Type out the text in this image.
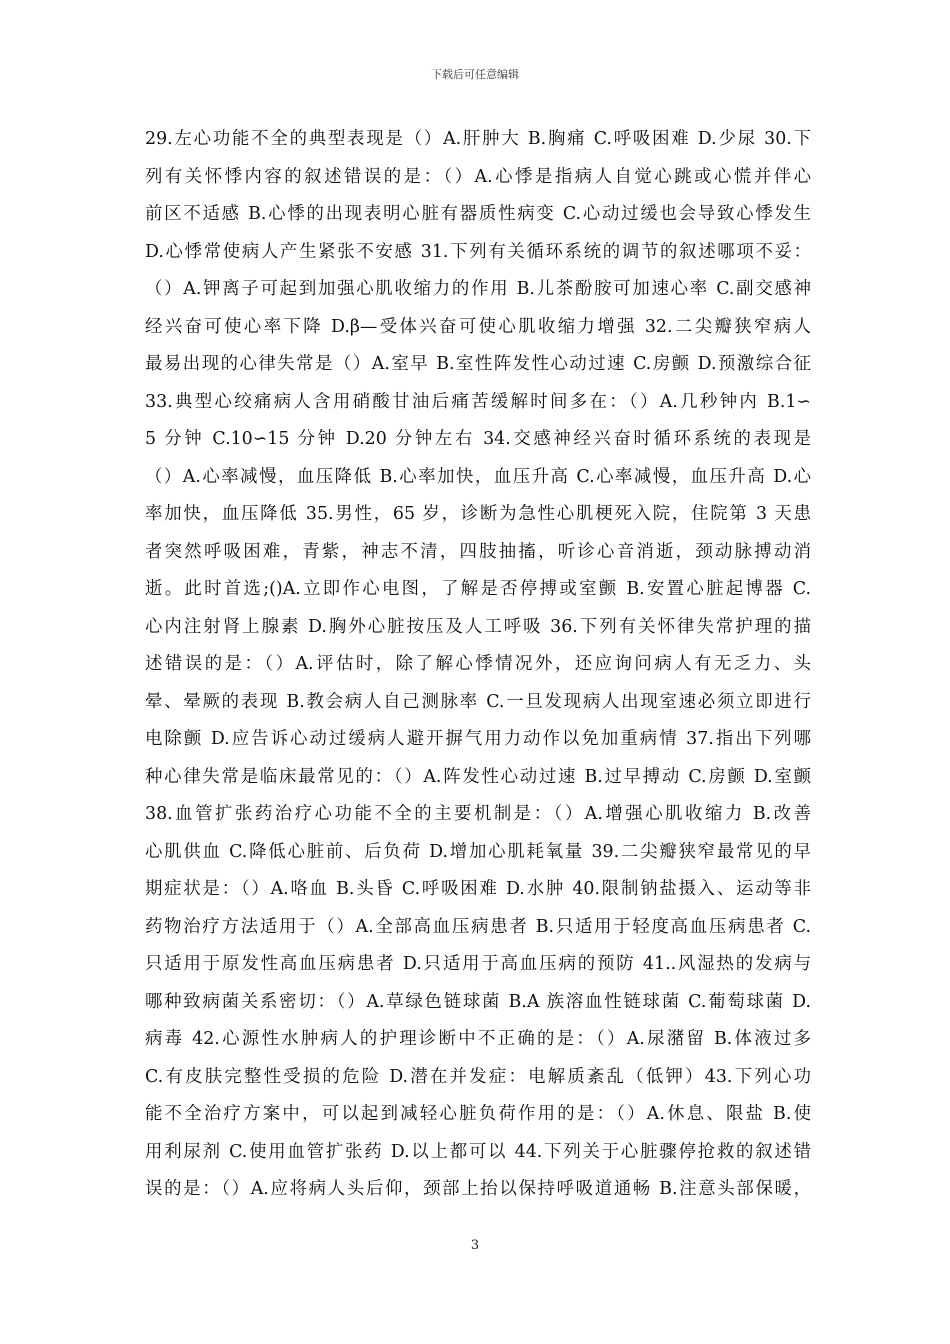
下载后可任意编辑
29.左心功能不全的典型表现是（）A.肝肿大 B.胸痛 C.呼吸困难 D.少尿 30.下
列有关怀悸内容的叙述错误的是：（）A.心悸是指病人自觉心跳或心慌并伴心
前区不适感 B.心悸的出现表明心脏有器质性病变 C.心动过缓也会导致心悸发生
D.心悸常使病人产生紧张不安感 31.下列有关循环系统的调节的叙述哪项不妥：
（）A.钾离子可起到加强心肌收缩力的作用 B.儿茶酚胺可加速心率 C.副交感神
经兴奋可使心率下降 D.β—受体兴奋可使心肌收缩力增强 32.二尖瓣狭窄病人
最易出现的心律失常是（）A.室早 B.室性阵发性心动过速 C.房颤 D.预激综合征
33.典型心绞痛病人含用硝酸甘油后痛苦缓解时间多在：（）A.几秒钟内 B.1∽
5 分钟 C.10∽15 分钟 D.20 分钟左右 34.交感神经兴奋时循环系统的表现是
（）A.心率减慢，血压降低 B.心率加快，血压升高 C.心率减慢，血压升高 D.心
率加快，血压降低 35.男性，65 岁，诊断为急性心肌梗死入院，住院第 3 天患
者突然呼吸困难，青紫，神志不清，四肢抽搐，听诊心音消逝，颈动脉搏动消
逝。此时首选;()A.立即作心电图，了解是否停搏或室颤 B.安置心脏起博器 C.
心内注射肾上腺素 D.胸外心脏按压及人工呼吸 36.下列有关怀律失常护理的描
述错误的是：（）A.评估时，除了解心悸情况外，还应询问病人有无乏力、头
晕、晕厥的表现 B.教会病人自己测脉率 C.一旦发现病人出现室速必须立即进行
电除颤 D.应告诉心动过缓病人避开摒气用力动作以免加重病情 37.指出下列哪
种心律失常是临床最常见的：（）A.阵发性心动过速 B.过早搏动 C.房颤 D.室颤
38.血管扩张药治疗心功能不全的主要机制是：（）A.增强心肌收缩力 B.改善
心肌供血 C.降低心脏前、后负荷 D.增加心肌耗氧量 39.二尖瓣狭窄最常见的早
期症状是：（）A.咯血 B.头昏 C.呼吸困难 D.水肿 40.限制钠盐摄入、运动等非
药物治疗方法适用于（）A.全部高血压病患者 B.只适用于轻度高血压病患者 C.
只适用于原发性高血压病患者 D.只适用于高血压病的预防 41..风湿热的发病与
哪种致病菌关系密切：（）A.草绿色链球菌 B.A 族溶血性链球菌 C.葡萄球菌 D.
病毒 42.心源性水肿病人的护理诊断中不正确的是：（）A.尿潴留 B.体液过多
C.有皮肤完整性受损的危险 D.潜在并发症：电解质紊乱（低钾）43.下列心功
能不全治疗方案中，可以起到减轻心脏负荷作用的是：（）A.休息、限盐 B.使
用利尿剂 C.使用血管扩张药 D.以上都可以 44.下列关于心脏骤停抢救的叙述错
误的是：（）A.应将病人头后仰，颈部上抬以保持呼吸道通畅 B.注意头部保暖，
3
